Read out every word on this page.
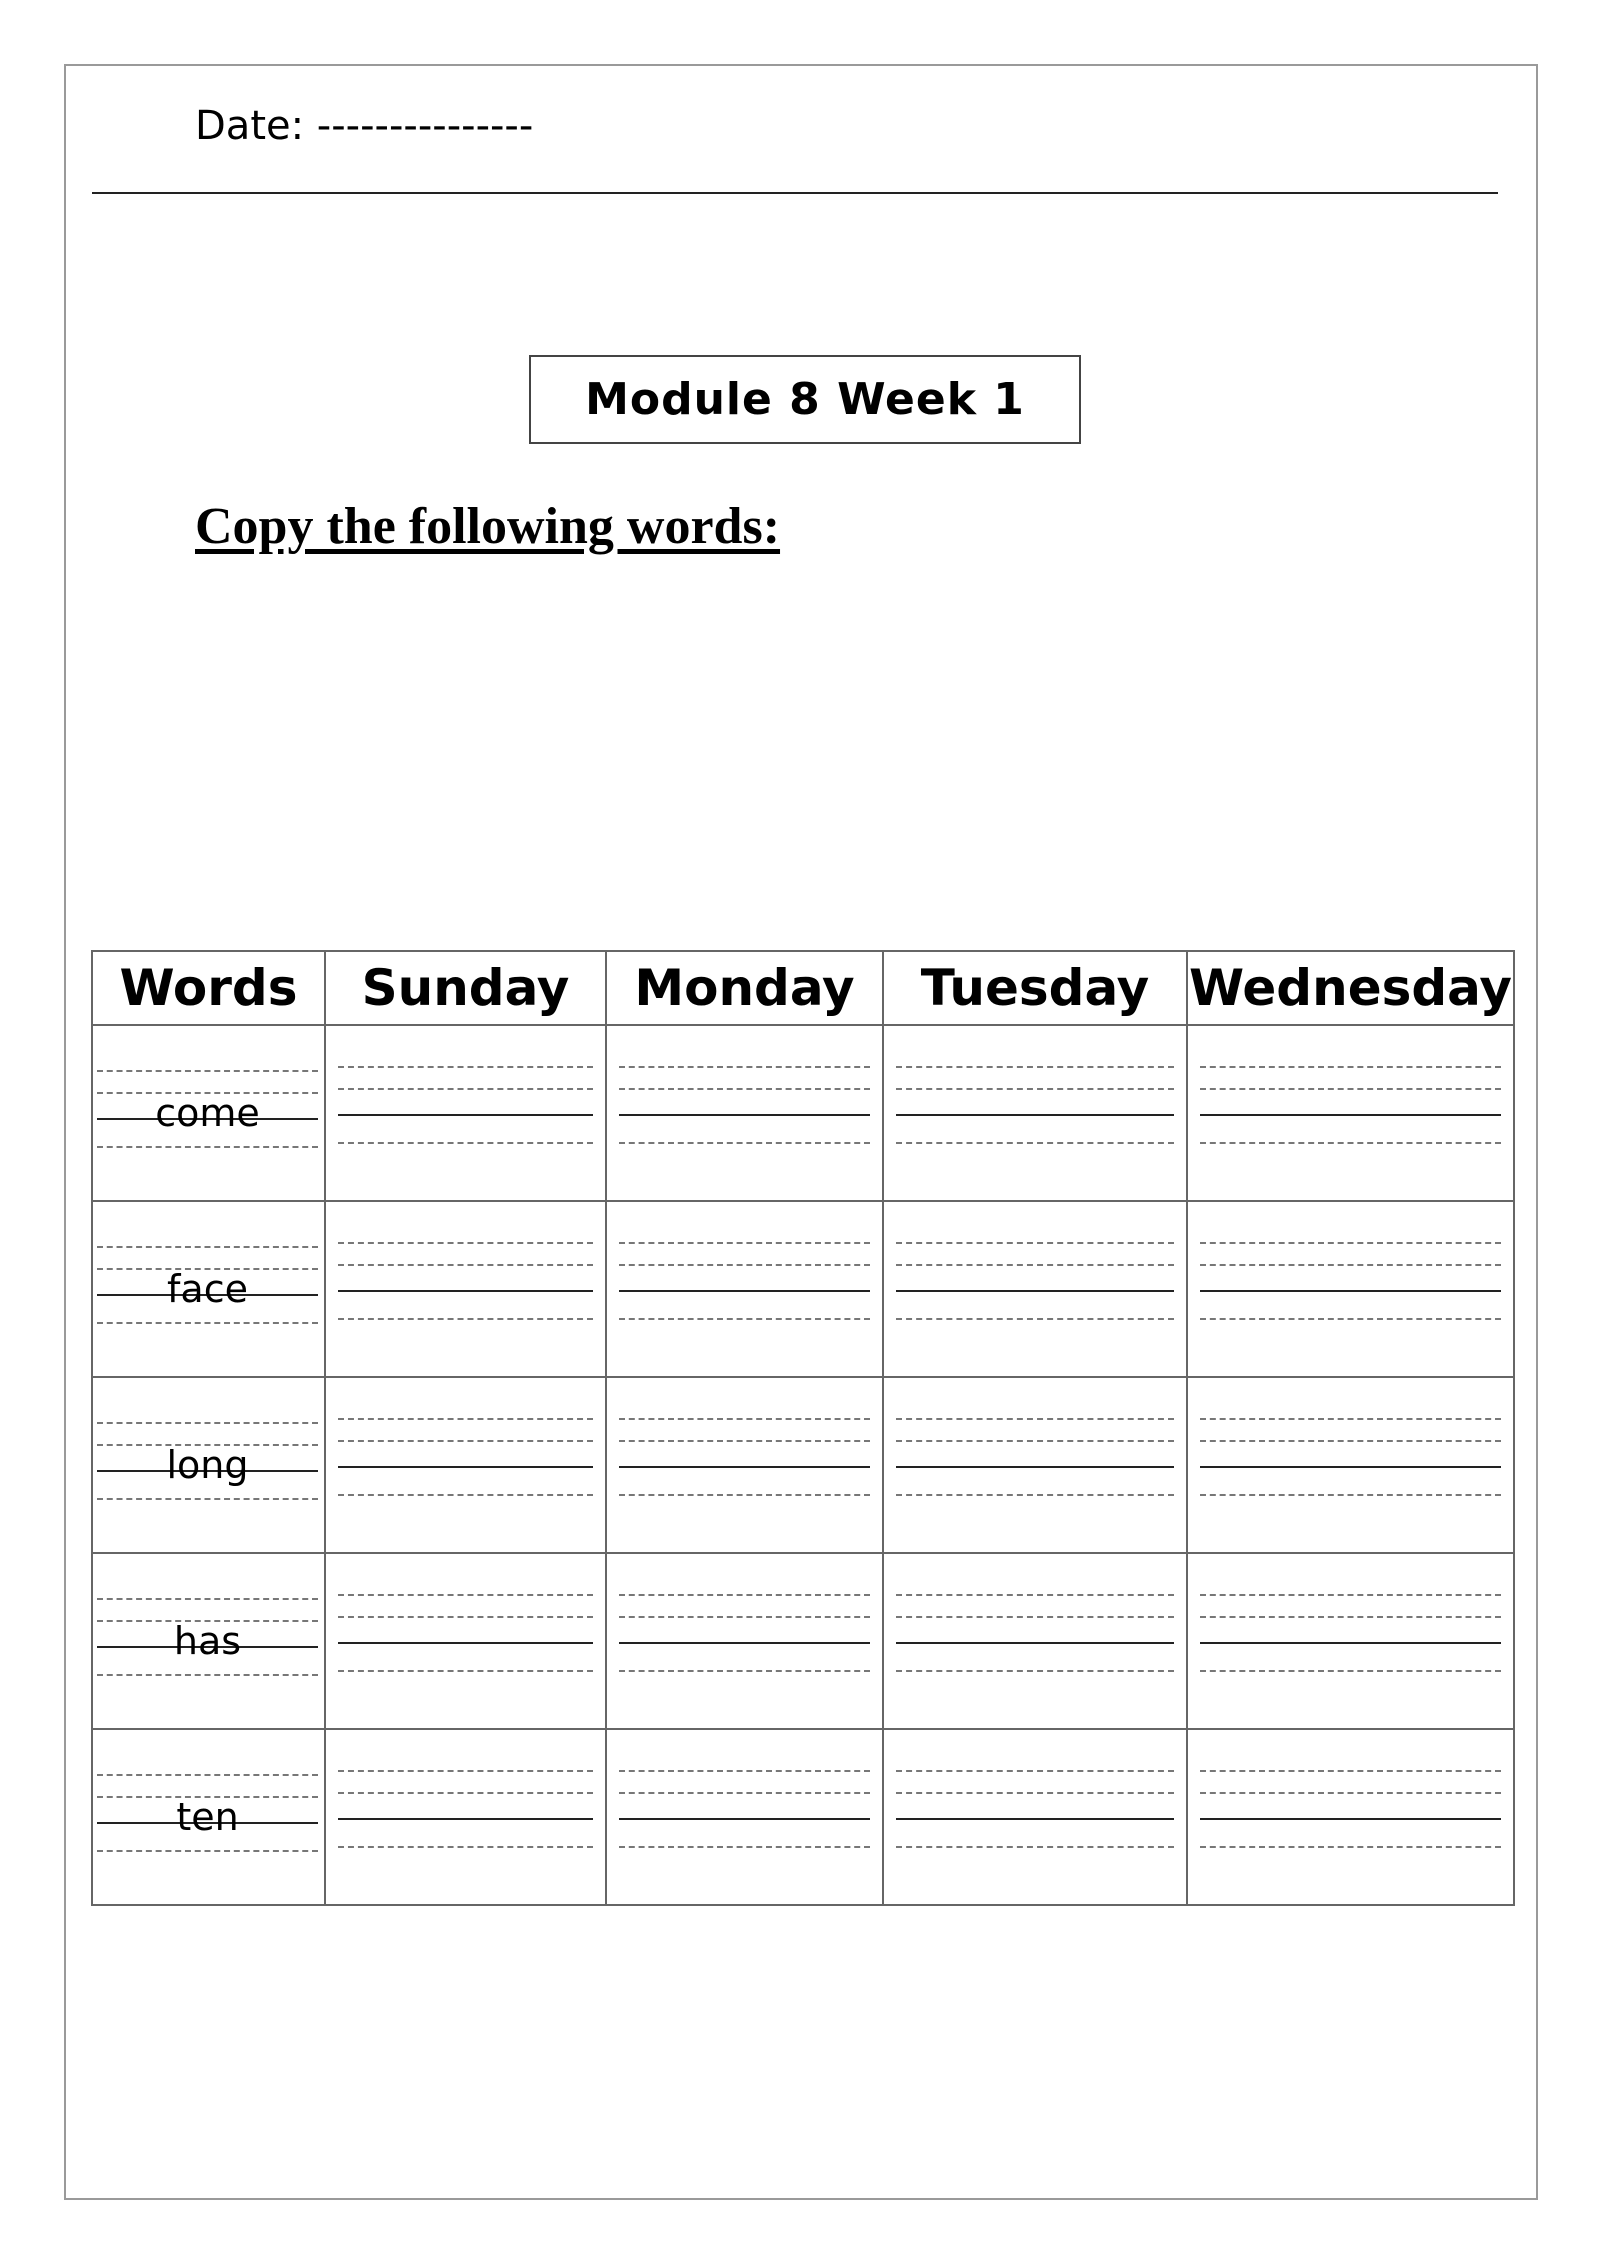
Date: ---------------
Module 8 Week 1
Copy the following words:
Words	Sunday	Monday	Tuesday	Wednesday

come				

face				

long				

has				

ten				
